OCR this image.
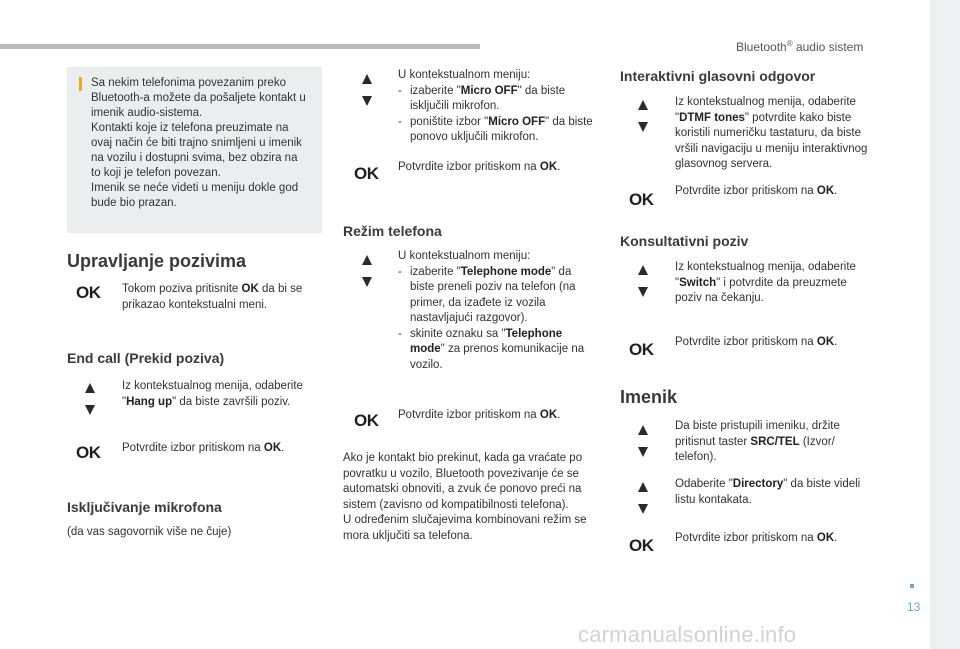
Bluetooth® audio sistem
13
carmanualsonline.info
Sa nekim telefonima povezanim preko
Bluetooth-a možete da pošaljete kontakt u
imenik audio-sistema.
Kontakti koje iz telefona preuzimate na
ovaj način će biti trajno snimljeni u imenik
na vozilu i dostupni svima, bez obzira na
to koji je telefon povezan.
Imenik se neće videti u meniju dokle god
bude bio prazan.
Upravljanje pozivima
OK Tokom poziva pritisnite OK da bi se prikazao kontekstualni meni.
End call (Prekid poziva)
Iz kontekstualnog menija, odaberite "Hang up" da biste završili poziv.
OK Potvrdite izbor pritiskom na OK.
Isključivanje mikrofona
(da vas sagovornik više ne čuje)
U kontekstualnom meniju:
- izaberite "Micro OFF" da biste isključili mikrofon.
- poništite izbor "Micro OFF" da biste ponovo uključili mikrofon.
OK Potvrdite izbor pritiskom na OK.
Režim telefona
U kontekstualnom meniju:
- izaberite "Telephone mode" da biste preneli poziv na telefon (na primer, da izađete iz vozila nastavljajući razgovor).
- skinite oznaku sa "Telephone mode" za prenos komunikacije na vozilo.
OK Potvrdite izbor pritiskom na OK.
Ako je kontakt bio prekinut, kada ga vraćate po povratku u vozilo, Bluetooth povezivanje će se automatski obnoviti, a zvuk će ponovo preći na sistem (zavisno od kompatibilnosti telefona).
U određenim slučajevima kombinovani režim se mora uključiti sa telefona.
Interaktivni glasovni odgovor
Iz kontekstualnog menija, odaberite "DTMF tones" potvrdite kako biste koristili numeričku tastaturu, da biste vršili navigaciju u meniju interaktivnog glasovnog servera.
OK Potvrdite izbor pritiskom na OK.
Konsultativni poziv
Iz kontekstualnog menija, odaberite "Switch" i potvrdite da preuzmete poziv na čekanju.
OK Potvrdite izbor pritiskom na OK.
Imenik
Da biste pristupili imeniku, držite pritisnut taster SRC/TEL (Izvor/ telefon).
Odaberite "Directory" da biste videli listu kontakata.
OK Potvrdite izbor pritiskom na OK.
